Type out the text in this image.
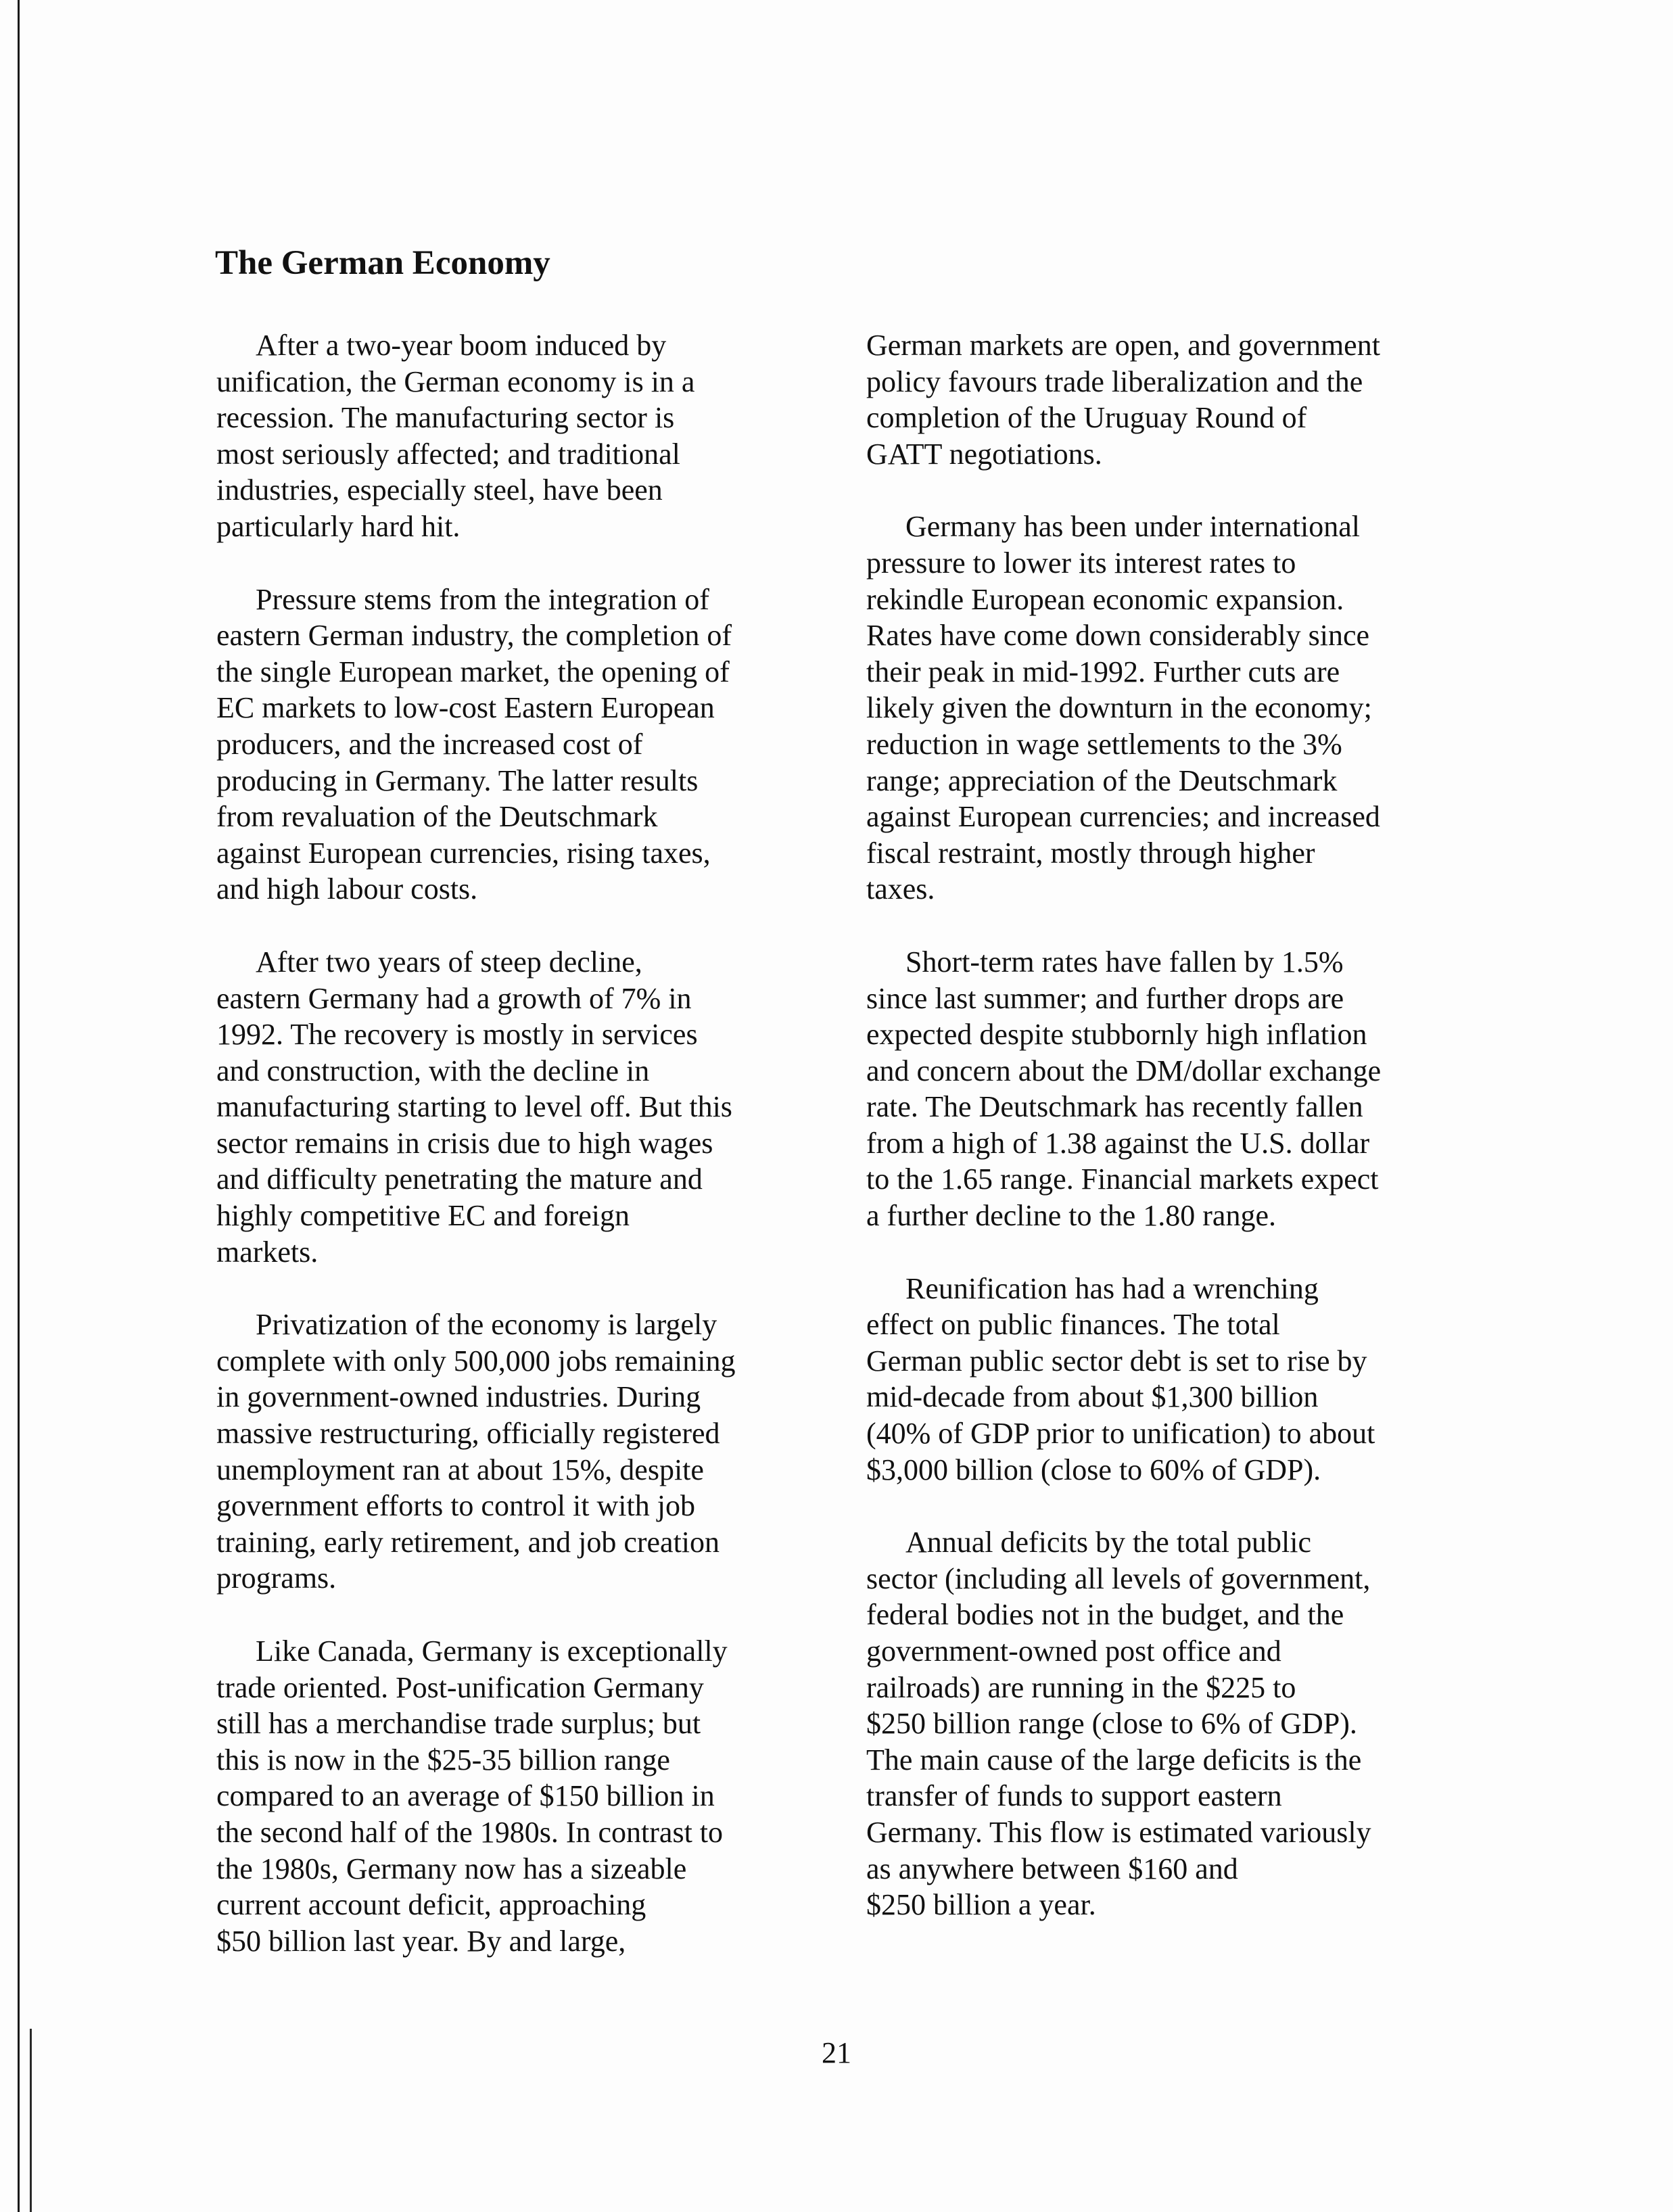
The German Economy

After a two-year boom induced by
unification, the German economy is in a
recession. The manufacturing sector is
most seriously affected; and traditional
industries, especially steel, have been
particularly hard hit.

Pressure stems from the integration of
eastern German industry, the completion of
the single European market, the opening of
EC markets to low-cost Eastern European
producers, and the increased cost of
producing in Germany. The latter results
from revaluation of the Deutschmark
against European currencies, rising taxes,
and high labour costs.

After two years of steep decline,
eastern Germany had a growth of 7% in
1992. The recovery is mostly in services
and construction, with the decline in
manufacturing starting to level off. But this
sector remains in crisis due to high wages
and difficulty penetrating the mature and
highly competitive EC and foreign
markets.

Privatization of the economy is largely
complete with only 500,000 jobs remaining
in government-owned industries. During
massive restructuring, officially registered
unemployment ran at about 15%, despite
government efforts to control it with job
training, early retirement, and job creation
programs.

Like Canada, Germany is exceptionally
trade oriented. Post-unification Germany
still has a merchandise trade surplus; but
this is now in the $25-35 billion range
compared to an average of $150 billion in
the second half of the 1980s. In contrast to
the 1980s, Germany now has a sizeable
current account deficit, approaching
$50 billion last year. By and large,

German markets are open, and government
policy favours trade liberalization and the
completion of the Uruguay Round of
GATT negotiations.

Germany has been under international
pressure to lower its interest rates to
rekindle European economic expansion.
Rates have come down considerably since
their peak in mid-1992. Further cuts are
likely given the downturn in the economy;
reduction in wage settlements to the 3%
range; appreciation of the Deutschmark
against European currencies; and increased
fiscal restraint, mostly through higher
taxes.

Short-term rates have fallen by 1.5%
since last summer; and further drops are
expected despite stubbornly high inflation
and concern about the DM/dollar exchange
rate. The Deutschmark has recently fallen
from a high of 1.38 against the U.S. dollar
to the 1.65 range. Financial markets expect
a further decline to the 1.80 range.

Reunification has had a wrenching
effect on public finances. The total
German public sector debt is set to rise by
mid-decade from about $1,300 billion
(40% of GDP prior to unification) to about
$3,000 billion (close to 60% of GDP).

Annual deficits by the total public
sector (including all levels of government,
federal bodies not in the budget, and the
government-owned post office and
railroads) are running in the $225 to
$250 billion range (close to 6% of GDP).
The main cause of the large deficits is the
transfer of funds to support eastern
Germany. This flow is estimated variously
as anywhere between $160 and
$250 billion a year.

21
